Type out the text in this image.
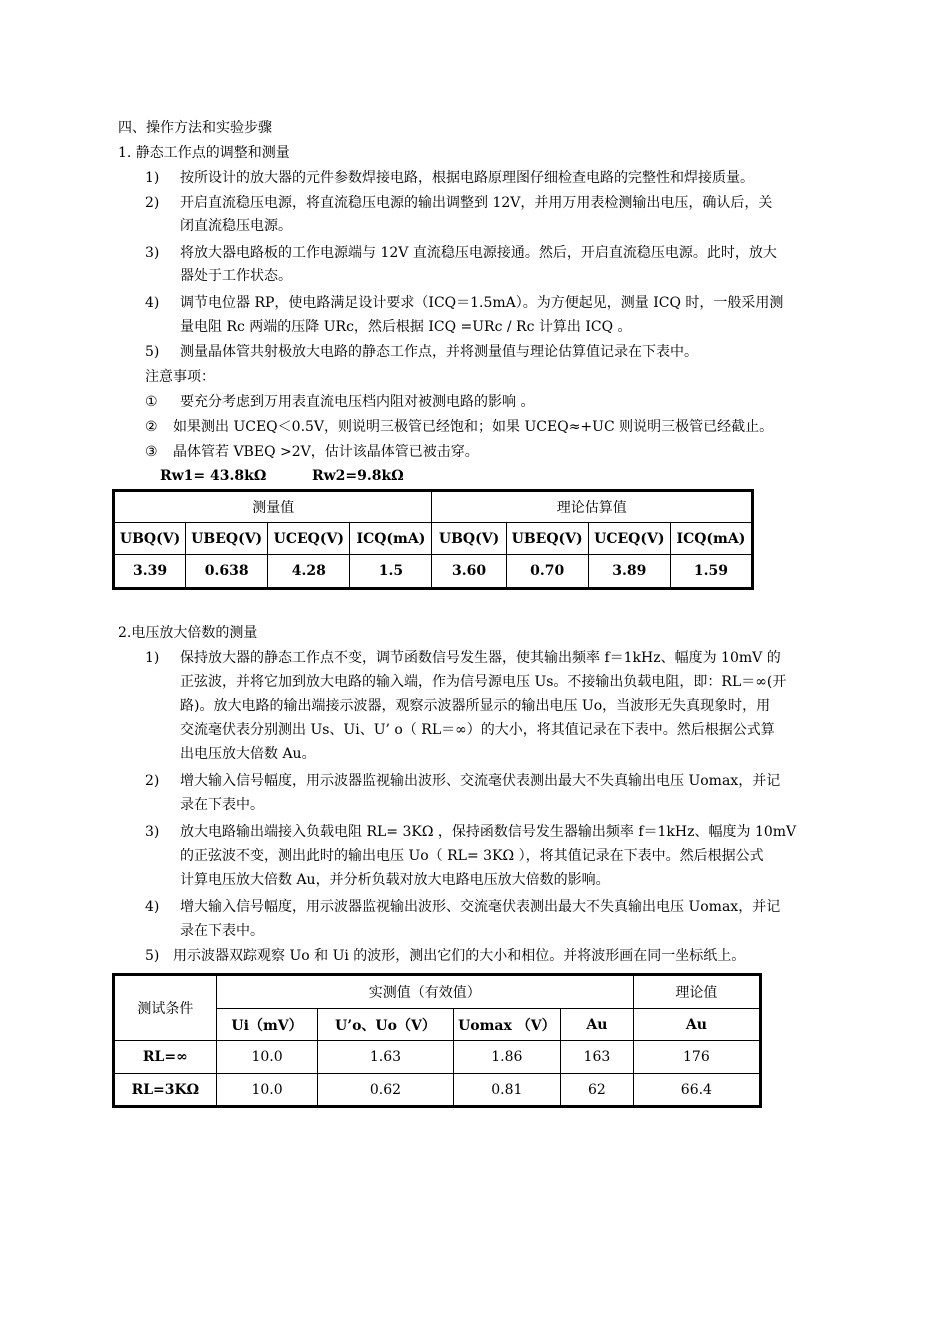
四、操作方法和实验步骤
1. 静态工作点的调整和测量
1) 按所设计的放大器的元件参数焊接电路，根据电路原理图仔细检查电路的完整性和焊接质量。
2) 开启直流稳压电源，将直流稳压电源的输出调整到 12V，并用万用表检测输出电压，确认后，关
闭直流稳压电源。
3) 将放大器电路板的工作电源端与 12V 直流稳压电源接通。然后，开启直流稳压电源。此时，放大
器处于工作状态。
4) 调节电位器 RP，使电路满足设计要求（ICQ＝1.5mA）。为方便起见，测量 ICQ 时，一般采用测
量电阻 Rc 两端的压降 URc，然后根据 ICQ =URc / Rc 计算出 ICQ 。
5) 测量晶体管共射极放大电路的静态工作点，并将测量值与理论估算值记录在下表中。
注意事项：
① 要充分考虑到万用表直流电压档内阻对被测电路的影响 。
② 如果测出 UCEQ＜0.5V，则说明三极管已经饱和；如果 UCEQ≈+UC 则说明三极管已经截止。
③ 晶体管若 VBEQ >2V，估计该晶体管已被击穿。
Rw1= 43.8kΩ	Rw2=9.8kΩ
测量值				理论估算值			
UBQ(V)	UBEQ(V)	UCEQ(V)	ICQ(mA)	UBQ(V)	UBEQ(V)	UCEQ(V)	ICQ(mA)
3.39	0.638	4.28	1.5	3.60	0.70	3.89	1.59
2.电压放大倍数的测量
1) 保持放大器的静态工作点不变，调节函数信号发生器，使其输出频率 f＝1kHz、幅度为 10mV 的
正弦波，并将它加到放大电路的输入端，作为信号源电压 Us。不接输出负载电阻，即：RL＝∞(开
路)。放大电路的输出端接示波器，观察示波器所显示的输出电压 Uo，当波形无失真现象时，用
交流毫伏表分别测出 Us、Ui、U’ o（ RL＝∞）的大小，将其值记录在下表中。然后根据公式算
出电压放大倍数 Au。
2) 增大输入信号幅度，用示波器监视输出波形、交流毫伏表测出最大不失真输出电压 Uomax，并记
录在下表中。
3) 放大电路输出端接入负载电阻 RL= 3KΩ ，保持函数信号发生器输出频率 f＝1kHz、幅度为 10mV
的正弦波不变，测出此时的输出电压 Uo（ RL= 3KΩ ），将其值记录在下表中。然后根据公式
计算电压放大倍数 Au，并分析负载对放大电路电压放大倍数的影响。
4) 增大输入信号幅度，用示波器监视输出波形、交流毫伏表测出最大不失真输出电压 Uomax，并记
录在下表中。
5) 用示波器双踪观察 Uo 和 Ui 的波形，测出它们的大小和相位。并将波形画在同一坐标纸上。
测试条件	实测值（有效值）				理论值
	Ui（mV）	U’o、Uo（V）	Uomax （V）	Au	Au
RL=∞	10.0	1.63	1.86	163	176
RL=3KΩ	10.0	0.62	0.81	62	66.4
